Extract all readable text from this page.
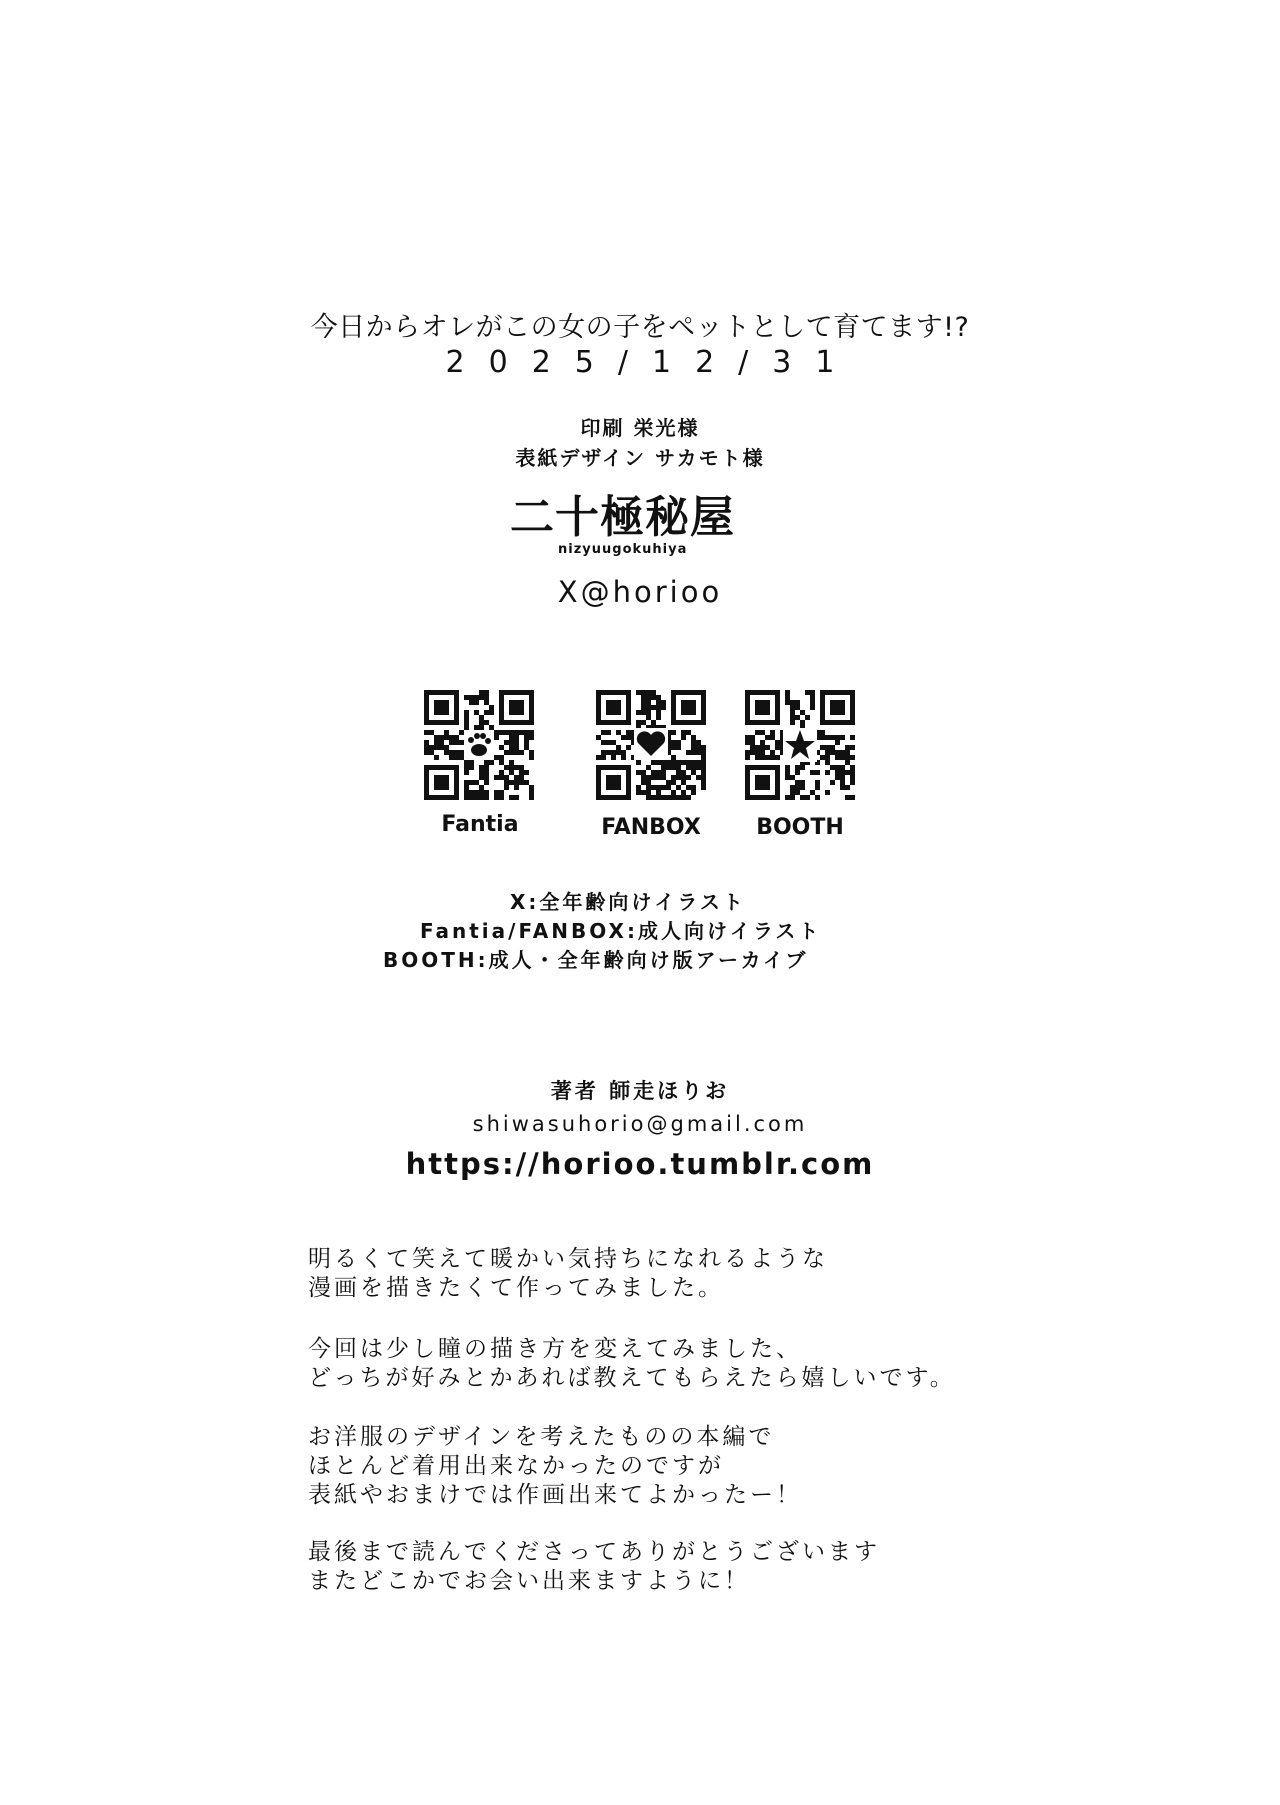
今日からオレがこの女の子をペットとして育てます!?
2025/12/31
印刷 栄光様
表紙デザイン サカモト様
二十極秘屋
nizyuugokuhiya
X@horioo
Fantia	FANBOX	BOOTH
X:全年齢向けイラスト
Fantia/FANBOX:成人向けイラスト
BOOTH:成人・全年齢向け版アーカイブ
著者 師走ほりお
shiwasuhorio@gmail.com
https://horioo.tumblr.com
明るくて笑えて暖かい気持ちになれるような
漫画を描きたくて作ってみました。
今回は少し瞳の描き方を変えてみました、
どっちが好みとかあれば教えてもらえたら嬉しいです。
お洋服のデザインを考えたものの本編で
ほとんど着用出来なかったのですが
表紙やおまけでは作画出来てよかったー！
最後まで読んでくださってありがとうございます
またどこかでお会い出来ますように！
